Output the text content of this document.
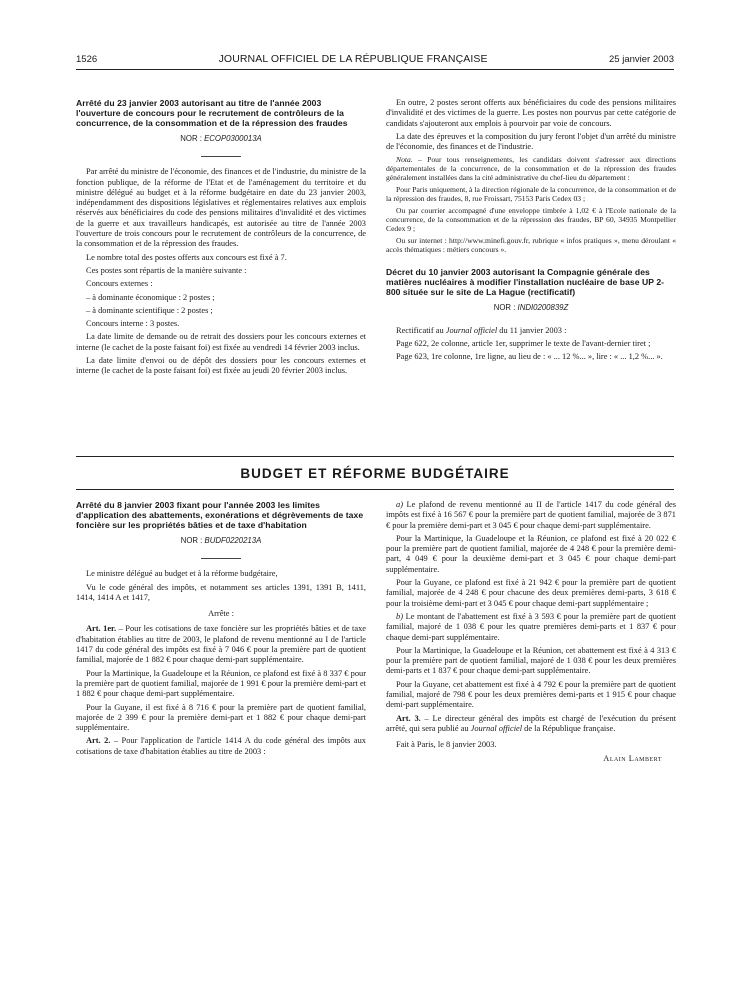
1526	JOURNAL OFFICIEL DE LA RÉPUBLIQUE FRANÇAISE	25 janvier 2003
Arrêté du 23 janvier 2003 autorisant au titre de l'année 2003 l'ouverture de concours pour le recrutement de contrôleurs de la concurrence, de la consommation et de la répression des fraudes
NOR : ECOP0300013A

Par arrêté du ministre de l'économie, des finances et de l'industrie, du ministre de la fonction publique, de la réforme de l'Etat et de l'aménagement du territoire et du ministre délégué au budget et à la réforme budgétaire en date du 23 janvier 2003, indépendamment des dispositions législatives et réglementaires relatives aux emplois réservés aux bénéficiaires du code des pensions militaires d'invalidité et des victimes de la guerre et aux travailleurs handicapés, est autorisée au titre de l'année 2003 l'ouverture de trois concours pour le recrutement de contrôleurs de la concurrence, de la consommation et de la répression des fraudes.

Le nombre total des postes offerts aux concours est fixé à 7.

Ces postes sont répartis de la manière suivante :

Concours externes :

– à dominante économique : 2 postes ;

– à dominante scientifique : 2 postes ;

Concours interne : 3 postes.

La date limite de demande ou de retrait des dossiers pour les concours externes et interne (le cachet de la poste faisant foi) est fixée au vendredi 14 février 2003 inclus.

La date limite d'envoi ou de dépôt des dossiers pour les concours externes et interne (le cachet de la poste faisant foi) est fixée au jeudi 20 février 2003 inclus.

En outre, 2 postes seront offerts aux bénéficiaires du code des pensions militaires d'invalidité et des victimes de la guerre. Les postes non pourvus par cette catégorie de candidats s'ajouteront aux emplois à pourvoir par voie de concours.

La date des épreuves et la composition du jury feront l'objet d'un arrêté du ministre de l'économie, des finances et de l'industrie.

Nota. – Pour tous renseignements, les candidats doivent s'adresser aux directions départementales de la concurrence, de la consommation et de la répression des fraudes généralement installées dans la cité administrative du chef-lieu du département :

Pour Paris uniquement, à la direction régionale de la concurrence, de la consommation et de la répression des fraudes, 8, rue Froissart, 75153 Paris Cedex 03 ;

Ou par courrier accompagné d'une enveloppe timbrée à 1,02 € à l'Ecole nationale de la concurrence, de la consommation et de la répression des fraudes, BP 60, 34935 Montpellier Cedex 9 ;

Ou sur internet : http://www.minefi.gouv.fr, rubrique « infos pratiques », menu déroulant « accès thématiques : métiers concours ».

Décret du 10 janvier 2003 autorisant la Compagnie générale des matières nucléaires à modifier l'installation nucléaire de base UP 2-800 située sur le site de La Hague (rectificatif)
NOR : INDI0200839Z

Rectificatif au Journal officiel du 11 janvier 2003 :

Page 622, 2e colonne, article 1er, supprimer le texte de l'avant-dernier tiret ;

Page 623, 1re colonne, 1re ligne, au lieu de : « ... 12 %... », lire : « ... 1,2 %... ».

BUDGET ET RÉFORME BUDGÉTAIRE
Arrêté du 8 janvier 2003 fixant pour l'année 2003 les limites d'application des abattements, exonérations et dégrèvements de taxe foncière sur les propriétés bâties et de taxe d'habitation
NOR : BUDF0220213A

Le ministre délégué au budget et à la réforme budgétaire,

Vu le code général des impôts, et notamment ses articles 1391, 1391 B, 1411, 1414, 1414 A et 1417,

Arrête :

Art. 1er. – Pour les cotisations de taxe foncière sur les propriétés bâties et de taxe d'habitation établies au titre de 2003, le plafond de revenu mentionné au I de l'article 1417 du code général des impôts est fixé à 7 046 € pour la première part de quotient familial, majorée de 1 882 € pour chaque demi-part supplémentaire.

Pour la Martinique, la Guadeloupe et la Réunion, ce plafond est fixé à 8 337 € pour la première part de quotient familial, majorée de 1 991 € pour la première demi-part et 1 882 € pour chaque demi-part supplémentaire.

Pour la Guyane, il est fixé à 8 716 € pour la première part de quotient familial, majorée de 2 399 € pour la première demi-part et 1 882 € pour chaque demi-part supplémentaire.

Art. 2. – Pour l'application de l'article 1414 A du code général des impôts aux cotisations de taxe d'habitation établies au titre de 2003 :

a) Le plafond de revenu mentionné au II de l'article 1417 du code général des impôts est fixé à 16 567 € pour la première part de quotient familial, majorée de 3 871 € pour la première demi-part et 3 045 € pour chaque demi-part supplémentaire.

Pour la Martinique, la Guadeloupe et la Réunion, ce plafond est fixé à 20 022 € pour la première part de quotient familial, majorée de 4 248 € pour la première demi-part, 4 049 € pour la deuxième demi-part et 3 045 € pour chaque demi-part supplémentaire.

Pour la Guyane, ce plafond est fixé à 21 942 € pour la première part de quotient familial, majorée de 4 248 € pour chacune des deux premières demi-parts, 3 618 € pour la troisième demi-part et 3 045 € pour chaque demi-part supplémentaire ;

b) Le montant de l'abattement est fixé à 3 593 € pour la première part de quotient familial, majoré de 1 038 € pour les quatre premières demi-parts et 1 837 € pour chaque demi-part supplémentaire.

Pour la Martinique, la Guadeloupe et la Réunion, cet abattement est fixé à 4 313 € pour la première part de quotient familial, majoré de 1 038 € pour les deux premières demi-parts et 1 837 € pour chaque demi-part supplémentaire.

Pour la Guyane, cet abattement est fixé à 4 792 € pour la première part de quotient familial, majoré de 798 € pour les deux premières demi-parts et 1 915 € pour chaque demi-part supplémentaire.

Art. 3. – Le directeur général des impôts est chargé de l'exécution du présent arrêté, qui sera publié au Journal officiel de la République française.

Fait à Paris, le 8 janvier 2003.

Alain Lambert
